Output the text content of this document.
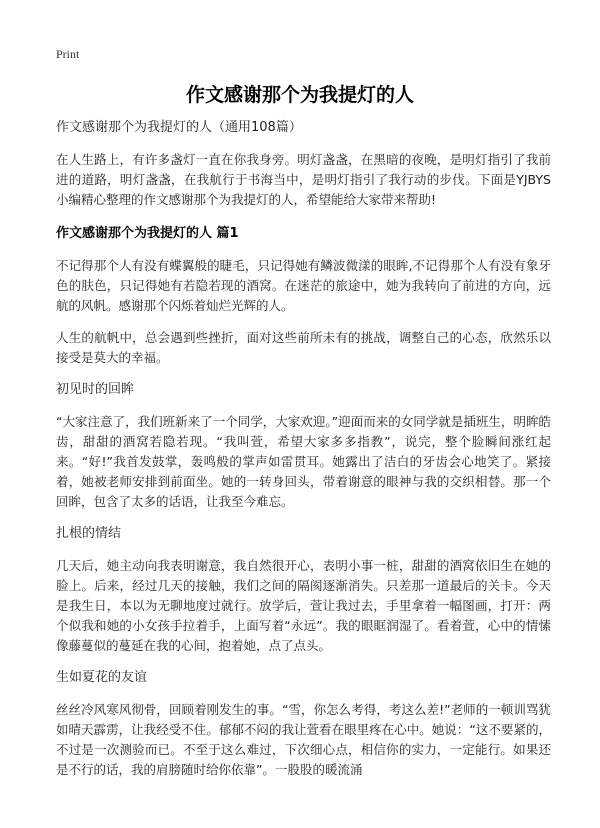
Print
作文感谢那个为我提灯的人
作文感谢那个为我提灯的人（通用108篇）
在人生路上，有许多盏灯一直在你我身旁。明灯盏盏，在黑暗的夜晚，是明灯指引了我前进的道路，明灯盏盏，在我航行于书海当中，是明灯指引了我行动的步伐。下面是YJBYS小编精心整理的作文感谢那个为我提灯的人，希望能给大家带来帮助!
作文感谢那个为我提灯的人 篇1
不记得那个人有没有蝶翼般的睫毛，只记得她有鳞波微漾的眼眸,不记得那个人有没有象牙色的肤色，只记得她有若隐若现的酒窝。在迷茫的旅途中，她为我转向了前进的方向，远航的风帆。感谢那个闪烁着灿烂光辉的人。
人生的航帆中，总会遇到些挫折，面对这些前所未有的挑战，调整自己的心态，欣然乐以接受是莫大的幸福。
初见时的回眸
“大家注意了，我们班新来了一个同学，大家欢迎。”迎面而来的女同学就是插班生，明眸皓齿，甜甜的酒窝若隐若现。“我叫萱，希望大家多多指教”，说完，整个脸瞬间涨红起来。“好!”我首发鼓掌，轰鸣般的掌声如雷贯耳。她露出了洁白的牙齿会心地笑了。紧接着，她被老师安排到前面坐。她的一转身回头，带着谢意的眼神与我的交织相替。那一个回眸，包含了太多的话语，让我至今难忘。
扎根的情结
几天后，她主动向我表明谢意，我自然很开心，表明小事一桩，甜甜的酒窝依旧生在她的脸上。后来，经过几天的接触，我们之间的隔阂逐渐消失。只差那一道最后的关卡。今天是我生日，本以为无聊地度过就行。放学后，萱让我过去，手里拿着一幅图画，打开：两个似我和她的小女孩手拉着手，上面写着“永远”。我的眼眶润湿了。看着萱，心中的情愫像藤蔓似的蔓延在我的心间，抱着她，点了点头。
生如夏花的友谊
丝丝冷风寒风彻骨，回顾着刚发生的事。“雪，你怎么考得，考这么差!”老师的一顿训骂犹如晴天霹雳，让我经受不住。郁郁不闷的我让萱看在眼里疼在心中。她说：“这不要紧的，不过是一次测验而已。不至于这么难过，下次细心点，相信你的实力，一定能行。如果还是不行的话，我的肩膀随时给你依靠”。一股股的暖流涌
